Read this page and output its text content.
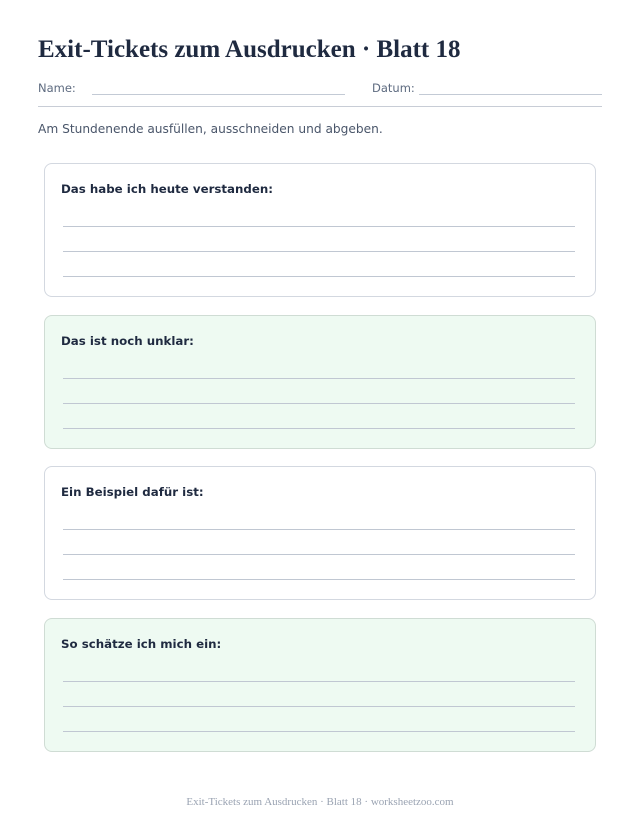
Exit-Tickets zum Ausdrucken · Blatt 18
Name:	Datum:

Am Stundenende ausfüllen, ausschneiden und abgeben.

Das habe ich heute verstanden:
Das ist noch unklar:
Ein Beispiel dafür ist:
So schätze ich mich ein:
Exit-Tickets zum Ausdrucken · Blatt 18 · worksheetzoo.com
